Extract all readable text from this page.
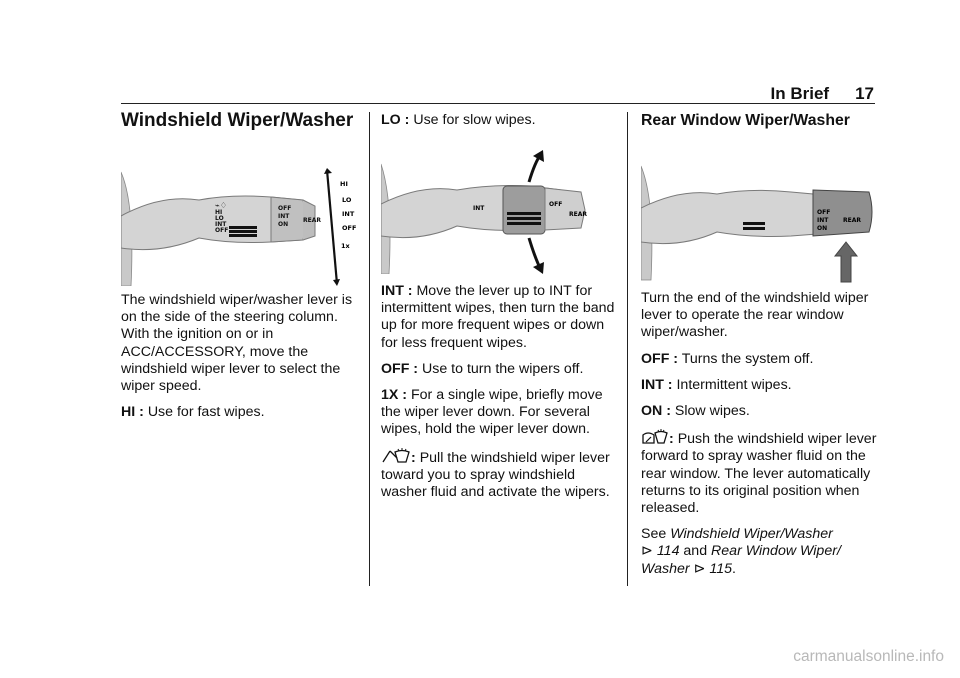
In Brief 17
Windshield Wiper/Washer
⌁♢
HI
LO
INT
OFF
OFF
INT
ON
REAR
HI
LO
INT
OFF
1x

The windshield wiper/washer lever is on the side of the steering column. With the ignition on or in ACC/ACCESSORY, move the windshield wiper lever to select the wiper speed.

HI : Use for fast wipes.

LO : Use for slow wipes.

INT
OFF
REAR

INT : Move the lever up to INT for intermittent wipes, then turn the band up for more frequent wipes or down for less frequent wipes.

OFF : Use to turn the wipers off.

1X : For a single wipe, briefly move the wiper lever down. For several wipes, hold the wiper lever down.

: Pull the windshield wiper lever toward you to spray windshield washer fluid and activate the wipers.

Rear Window Wiper/Washer
OFF
INT
ON
REAR

Turn the end of the windshield wiper lever to operate the rear window wiper/washer.

OFF : Turns the system off.

INT : Intermittent wipes.

ON : Slow wipes.

: Push the windshield wiper lever forward to spray washer fluid on the rear window. The lever automatically returns to its original position when released.

See Windshield Wiper/Washer
⊳ 114 and Rear Window Wiper/ Washer ⊳ 115.

carmanualsonline.info
